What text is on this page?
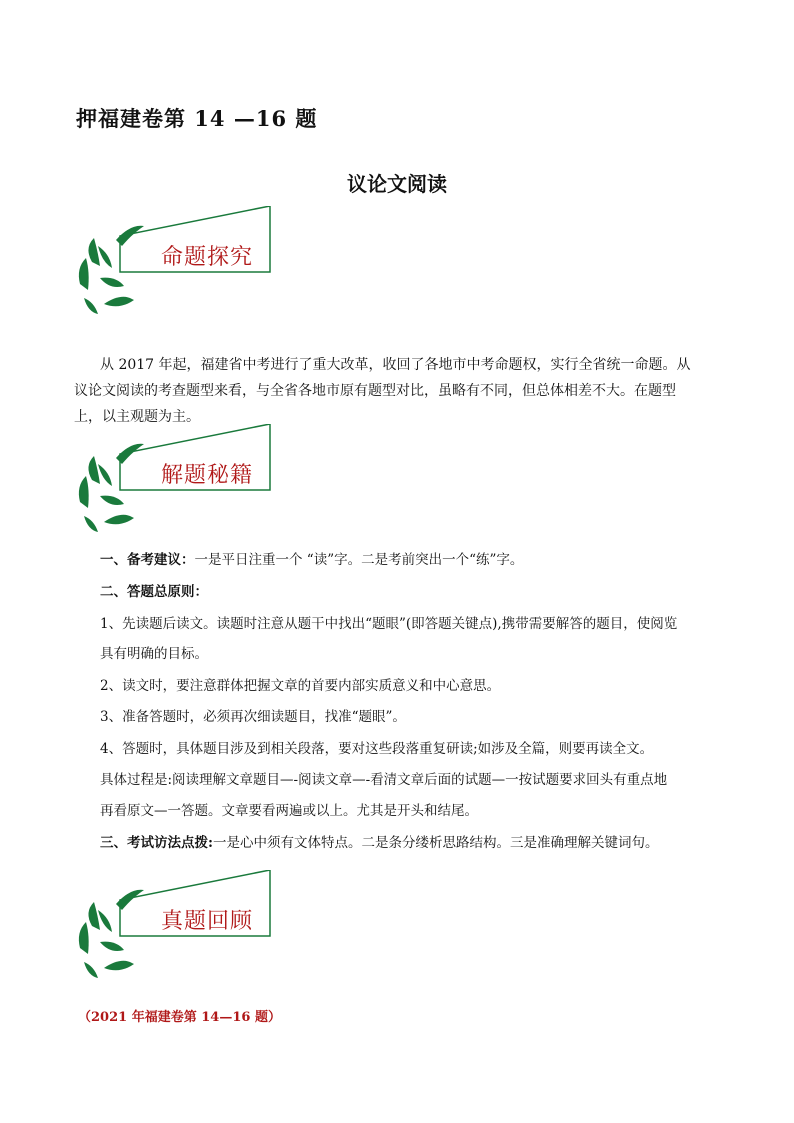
押福建卷第 14 —16 题
议论文阅读
命题探究

从 2017 年起，福建省中考进行了重大改革，收回了各地市中考命题权，实行全省统一命题。从议论文阅读的考查题型来看，与全省各地市原有题型对比，虽略有不同，但总体相差不大。在题型上，以主观题为主。

解题秘籍

一、备考建议：一是平日注重一个 “读”字。二是考前突出一个“练”字。

二、答题总原则：

1、先读题后读文。读题时注意从题干中找出“题眼”(即答题关键点),携带需要解答的题目，使阅览

具有明确的目标。

2、读文时，要注意群体把握文章的首要内部实质意义和中心意思。

3、准备答题时，必须再次细读题目，找准“题眼”。

4、答题时，具体题目涉及到相关段落，要对这些段落重复研读;如涉及全篇，则要再读全文。

具体过程是:阅读理解文章题目—-阅读文章—-看清文章后面的试题—一按试题要求回头有重点地

再看原文—一答题。文章要看两遍或以上。尤其是开头和结尾。

三、考试访法点拨:一是心中须有文体特点。二是条分缕析思路结构。三是准确理解关键词句。

真题回顾

（2021 年福建卷第 14—16 题）
